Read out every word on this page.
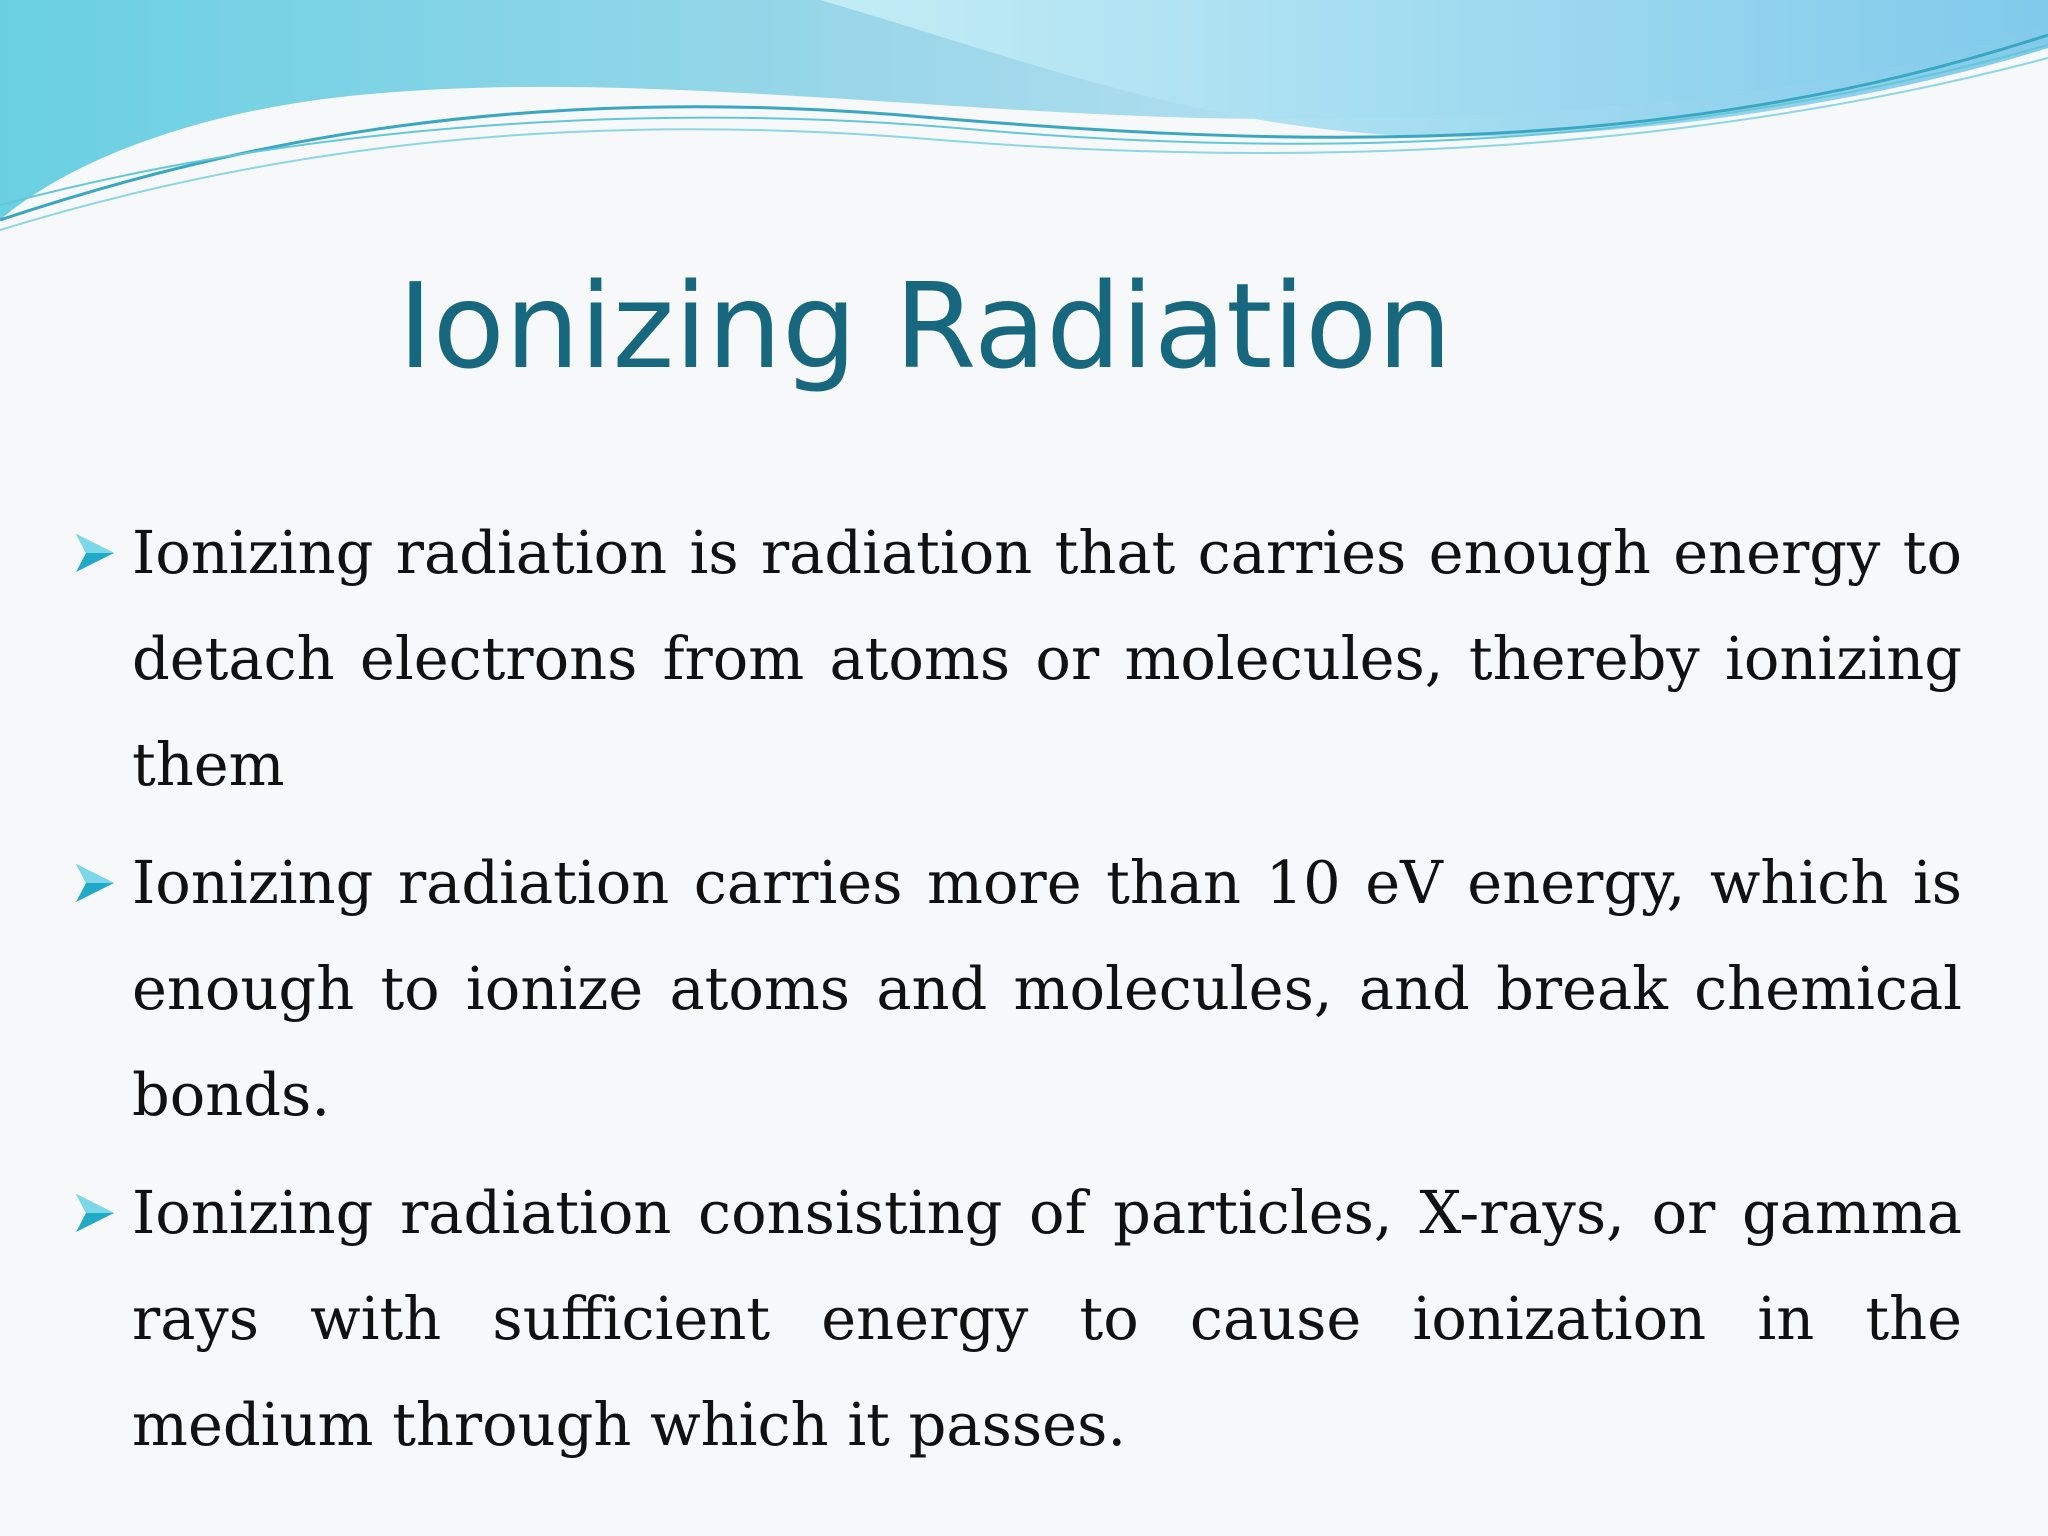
Ionizing Radiation
Ionizing radiation is radiation that carries enough energy to detach electrons from atoms or molecules, thereby ionizing them
Ionizing radiation carries more than 10 eV energy, which is enough to ionize atoms and molecules, and break chemical bonds.
Ionizing radiation consisting of particles, X-rays, or gamma rays with sufficient energy to cause ionization in the medium through which it passes.
